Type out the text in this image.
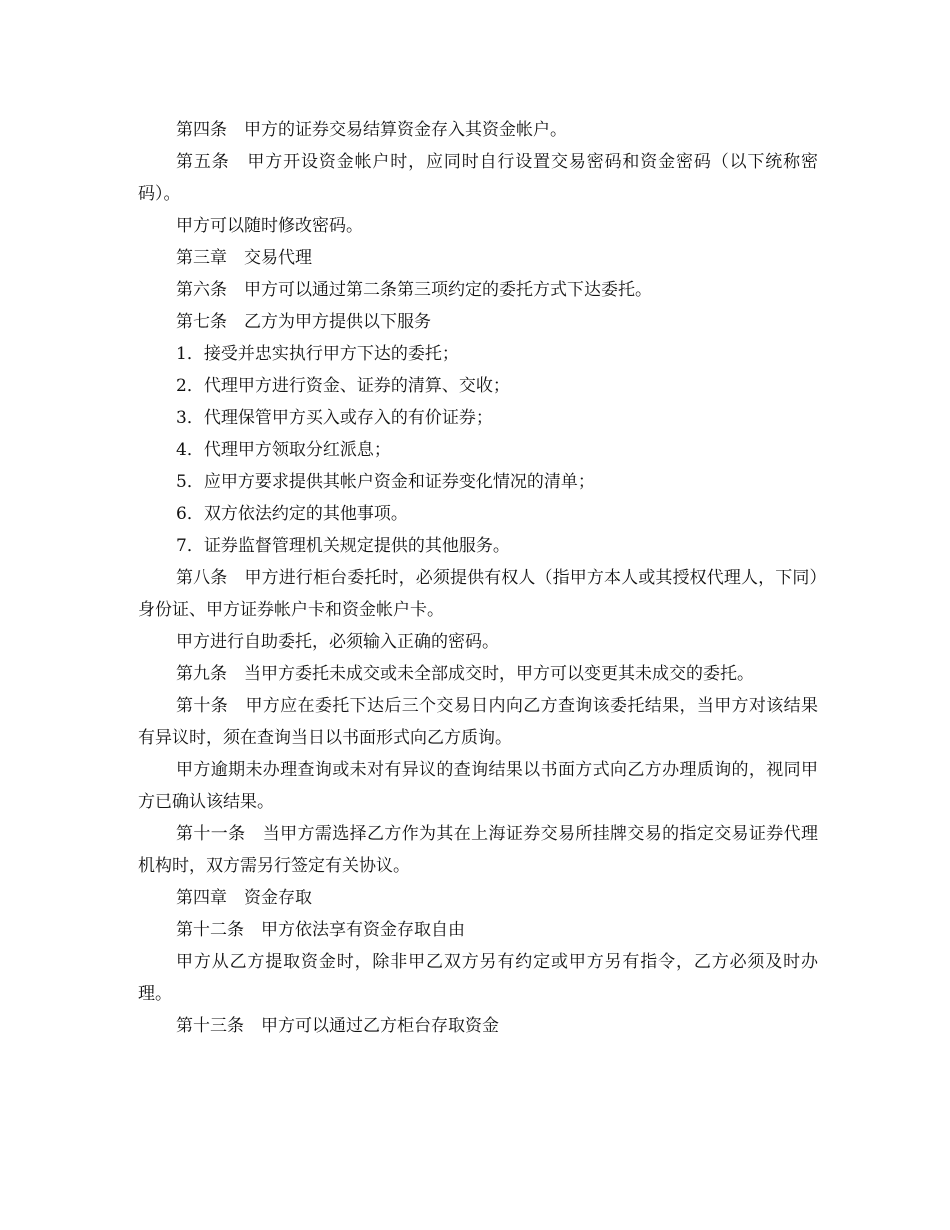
第四条　甲方的证券交易结算资金存入其资金帐户。

第五条　甲方开设资金帐户时，应同时自行设置交易密码和资金密码（以下统称密码）。

甲方可以随时修改密码。

第三章　交易代理

第六条　甲方可以通过第二条第三项约定的委托方式下达委托。

第七条　乙方为甲方提供以下服务

1．接受并忠实执行甲方下达的委托；

2．代理甲方进行资金、证券的清算、交收；

3．代理保管甲方买入或存入的有价证券；

4．代理甲方领取分红派息；

5．应甲方要求提供其帐户资金和证券变化情况的清单；

6．双方依法约定的其他事项。

7．证券监督管理机关规定提供的其他服务。

第八条　甲方进行柜台委托时，必须提供有权人（指甲方本人或其授权代理人，下同）身份证、甲方证券帐户卡和资金帐户卡。

甲方进行自助委托，必须输入正确的密码。

第九条　当甲方委托未成交或未全部成交时，甲方可以变更其未成交的委托。

第十条　甲方应在委托下达后三个交易日内向乙方查询该委托结果，当甲方对该结果有异议时，须在查询当日以书面形式向乙方质询。

甲方逾期未办理查询或未对有异议的查询结果以书面方式向乙方办理质询的，视同甲方已确认该结果。

第十一条　当甲方需选择乙方作为其在上海证券交易所挂牌交易的指定交易证券代理机构时，双方需另行签定有关协议。

第四章　资金存取

第十二条　甲方依法享有资金存取自由

甲方从乙方提取资金时，除非甲乙双方另有约定或甲方另有指令，乙方必须及时办理。

第十三条　甲方可以通过乙方柜台存取资金
